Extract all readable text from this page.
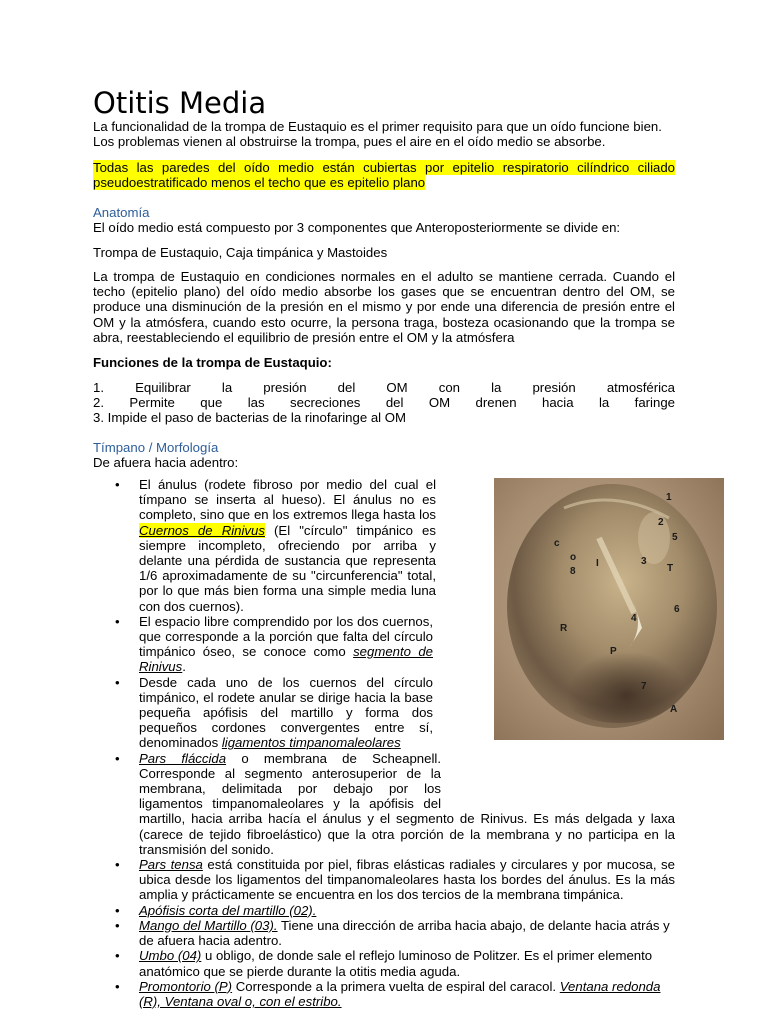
Otitis Media

La funcionalidad de la trompa de Eustaquio es el primer requisito para que un oído funcione bien. Los problemas vienen al obstruirse la trompa, pues el aire en el oído medio se absorbe.

Todas las paredes del oído medio están cubiertas por epitelio respiratorio cilíndrico ciliado pseudoestratificado menos el techo que es epitelio plano

Anatomía

El oído medio está compuesto por 3 componentes que Anteroposteriormente se divide en:

Trompa de Eustaquio, Caja timpánica y Mastoides

La trompa de Eustaquio en condiciones normales en el adulto se mantiene cerrada. Cuando el techo (epitelio plano) del oído medio absorbe los gases que se encuentran dentro del OM, se produce una disminución de la presión en el mismo y por ende una diferencia de presión entre el OM y la atmósfera, cuando esto ocurre, la persona traga, bosteza ocasionando que la trompa se abra, reestableciendo el equilibrio de presión entre el OM y la atmósfera

Funciones de la trompa de Eustaquio:
1. Equilibrar la presión del OM con la presión atmosférica
2. Permite que las secreciones del OM drenen hacia la faringe
3. Impide el paso de bacterias de la rinofaringe al OM
Tímpano / Morfología
De afuera hacia adentro:
1
2
5
c
o
8
I	3
T
6
4
R
P
7
A
• El ánulus (rodete fibroso por medio del cual el tímpano se inserta al hueso). El ánulus no es completo, sino que en los extremos llega hasta los Cuernos de Rinivus (El "círculo" timpánico es siempre incompleto, ofreciendo por arriba y delante una pérdida de sustancia que representa 1/6 aproximadamente de su "circunferencia" total, por lo que más bien forma una simple media luna con dos cuernos).
• El espacio libre comprendido por los dos cuernos, que corresponde a la porción que falta del círculo timpánico óseo, se conoce como segmento de Rinivus.
• Desde cada uno de los cuernos del círculo timpánico, el rodete anular se dirige hacia la base pequeña apófisis del martillo y forma dos pequeños cordones convergentes entre sí, denominados ligamentos timpanomaleolares
• Pars fláccida o membrana de Scheapnell. Corresponde al segmento anterosuperior de la membrana, delimitada por debajo por los ligamentos timpanomaleolares y la apófisis del martillo, hacia arriba hacía el ánulus y el segmento de Rinivus. Es más delgada y laxa (carece de tejido fibroelástico) que la otra porción de la membrana y no participa en la transmisión del sonido.
• Pars tensa está constituida por piel, fibras elásticas radiales y circulares y por mucosa, se ubica desde los ligamentos del timpanomaleolares hasta los bordes del ánulus. Es la más amplia y prácticamente se encuentra en los dos tercios de la membrana timpánica.
• Apófisis corta del martillo (02).
• Mango del Martillo (03). Tiene una dirección de arriba hacia abajo, de delante hacia atrás y de afuera hacia adentro.
• Umbo (04) u obligo, de donde sale el reflejo luminoso de Politzer. Es el primer elemento anatómico que se pierde durante la otitis media aguda.
• Promontorio (P) Corresponde a la primera vuelta de espiral del caracol. Ventana redonda (R), Ventana oval o, con el estribo.
